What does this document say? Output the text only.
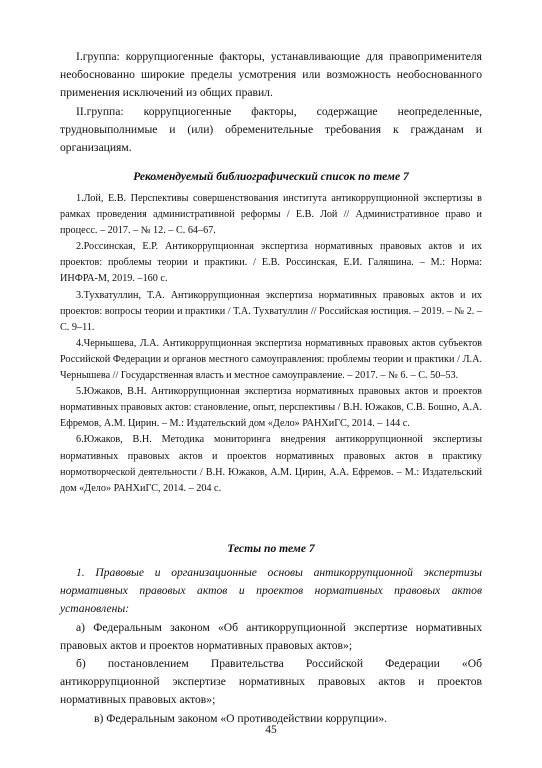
I.группа: коррупциогенные факторы, устанавливающие для правоприменителя необоснованно широкие пределы усмотрения или возможность необоснованного применения исключений из общих правил.

II.группа: коррупциогенные факторы, содержащие неопределенные, трудновыполнимые и (или) обременительные требования к гражданам и организациям.

Рекомендуемый библиографический список по теме 7

1.Лой, Е.В. Перспективы совершенствования института антикоррупционной экспертизы в рамках проведения административной реформы / Е.В. Лой // Административное право и процесс. – 2017. – № 12. – С. 64–67.

2.Россинская, Е.Р. Антикоррупционная экспертиза нормативных правовых актов и их проектов: проблемы теории и практики. / Е.В. Россинская, Е.И. Галяшина. – М.: Норма: ИНФРА-М, 2019. –160 с.

3.Тухватуллин, Т.А. Антикоррупционная экспертиза нормативных правовых актов и их проектов: вопросы теории и практики / Т.А. Тухватуллин // Российская юстиция. – 2019. – № 2. – С. 9–11.

4.Чернышева, Л.А. Антикоррупционная экспертиза нормативных правовых актов субъектов Российской Федерации и органов местного самоуправления: проблемы теории и практики / Л.А. Чернышева // Государственная власть и местное самоуправление. – 2017. – № 6. – С. 50–53.

5.Южаков, В.Н. Антикоррупционная экспертиза нормативных правовых актов и проектов нормативных правовых актов: становление, опыт, перспективы / В.Н. Южаков, С.В. Бошно, А.А. Ефремов, А.М. Цирин. – М.: Издательский дом «Дело» РАНХиГС, 2014. – 144 с.

6.Южаков, В.Н. Методика мониторинга внедрения антикоррупционной экспертизы нормативных правовых актов и проектов нормативных правовых актов в практику нормотворческой деятельности / В.Н. Южаков, А.М. Цирин, А.А. Ефремов. – М.: Издательский дом «Дело» РАНХиГС, 2014. – 204 с.

Тесты по теме 7

1. Правовые и организационные основы антикоррупционной экспертизы нормативных правовых актов и проектов нормативных правовых актов установлены:

а) Федеральным законом «Об антикоррупционной экспертизе нормативных правовых актов и проектов нормативных правовых актов»;

б) постановлением Правительства Российской Федерации «Об антикоррупционной экспертизе нормативных правовых актов и проектов нормативных правовых актов»;

в) Федеральным законом «О противодействии коррупции».

45
